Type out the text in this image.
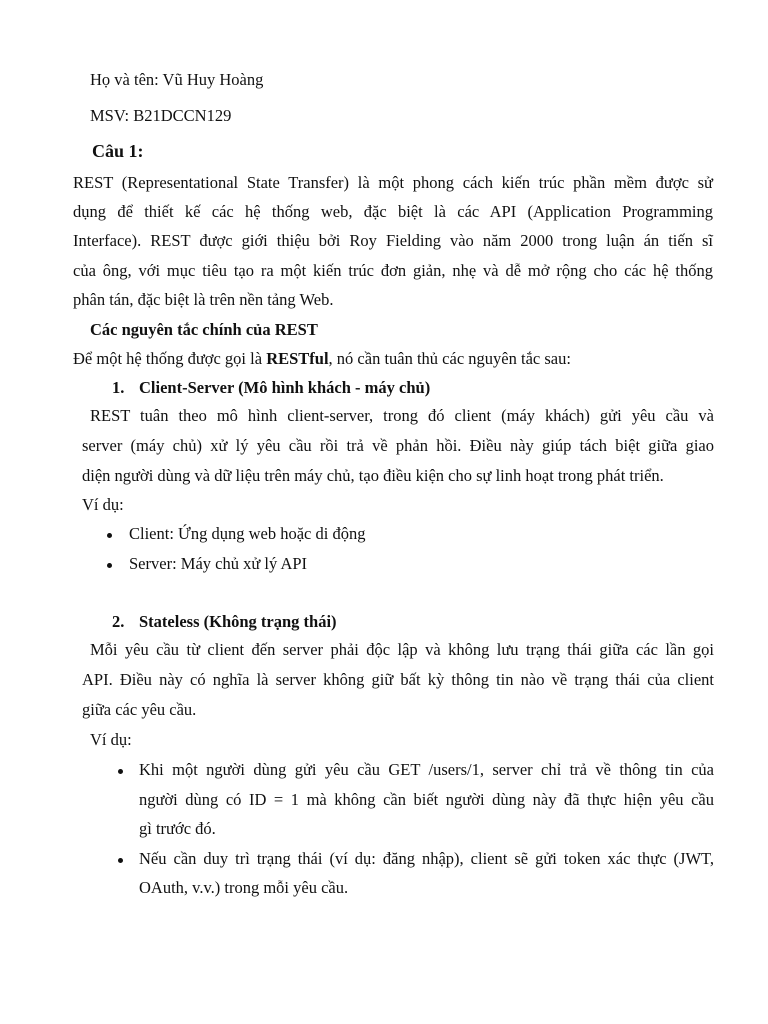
Họ và tên: Vũ Huy Hoàng

MSV: B21DCCN129

Câu 1:

REST (Representational State Transfer) là một phong cách kiến trúc phần mềm được sử

dụng để thiết kế các hệ thống web, đặc biệt là các API (Application Programming

Interface). REST được giới thiệu bởi Roy Fielding vào năm 2000 trong luận án tiến sĩ

của ông, với mục tiêu tạo ra một kiến trúc đơn giản, nhẹ và dễ mở rộng cho các hệ thống

phân tán, đặc biệt là trên nền tảng Web.

Các nguyên tắc chính của REST

Để một hệ thống được gọi là RESTful, nó cần tuân thủ các nguyên tắc sau:

1. Client-Server (Mô hình khách - máy chủ)

REST tuân theo mô hình client-server, trong đó client (máy khách) gửi yêu cầu và

server (máy chủ) xử lý yêu cầu rồi trả về phản hồi. Điều này giúp tách biệt giữa giao

diện người dùng và dữ liệu trên máy chủ, tạo điều kiện cho sự linh hoạt trong phát triển.

Ví dụ:

Client: Ứng dụng web hoặc di động

Server: Máy chủ xử lý API

2. Stateless (Không trạng thái)

Mỗi yêu cầu từ client đến server phải độc lập và không lưu trạng thái giữa các lần gọi

API. Điều này có nghĩa là server không giữ bất kỳ thông tin nào về trạng thái của client

giữa các yêu cầu.

Ví dụ:

Khi một người dùng gửi yêu cầu GET /users/1, server chỉ trả về thông tin của

người dùng có ID = 1 mà không cần biết người dùng này đã thực hiện yêu cầu

gì trước đó.

Nếu cần duy trì trạng thái (ví dụ: đăng nhập), client sẽ gửi token xác thực (JWT,

OAuth, v.v.) trong mỗi yêu cầu.
